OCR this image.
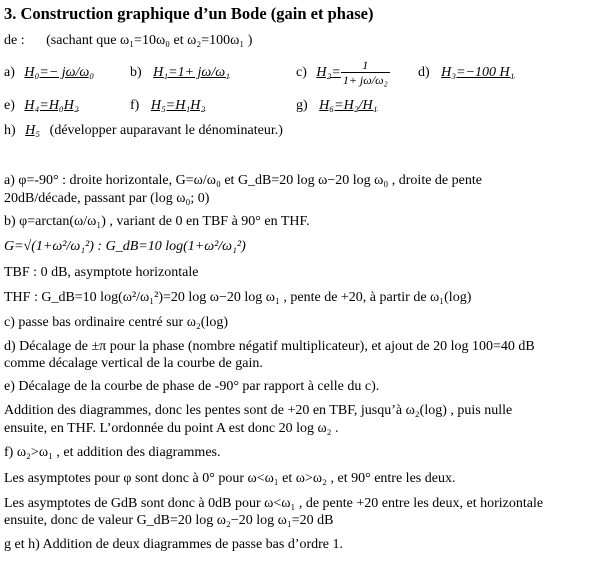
3. Construction graphique d’un Bode (gain et phase)
de : (sachant que ω₁=10ω₀ et ω₂=100ω₁ )
a) H₀=− jω/ω₀	b) H₁=1+ jω/ω₁	c) $H_2= \frac{1}{\text{1+ jω/ω₂}} d$) H₃=−100 H₁
e) H₄=H₀H₂	f) H₅=H₁H₂	g) H₆=H₂/H₁
h) H₅ (développer auparavant le dénominateur.)
a) φ=-90° : droite horizontale, G=ω/ω₀ et G_dB=20 log ω−20 log ω₀ , droite de pente
20dB/décade, passant par (log ω₀; 0)
b) φ=arctan(ω/ω₁) , variant de 0 en TBF à 90° en THF.
G=√(1+ω²/ω₁²) : G_dB=10 log(1+ω²/ω₁²)
TBF : 0 dB, asymptote horizontale
THF : G_dB=10 log(ω²/ω₁²)=20 log ω−20 log ω₁ , pente de +20, à partir de ω₁(log)
c) passe bas ordinaire centré sur ω₂(log)
d) Décalage de ±π pour la phase (nombre négatif multiplicateur), et ajout de 20 log 100=40 dB
comme décalage vertical de la courbe de gain.
e) Décalage de la courbe de phase de -90° par rapport à celle du c).
Addition des diagrammes, donc les pentes sont de +20 en TBF, jusqu’à ω₂(log) , puis nulle
ensuite, en THF. L’ordonnée du point A est donc 20 log ω₂ .
f) ω₂>ω₁ , et addition des diagrammes.
Les asymptotes pour φ sont donc à 0° pour ω<ω₁ et ω>ω₂ , et 90° entre les deux.
Les asymptotes de GdB sont donc à 0dB pour ω<ω₁ , de pente +20 entre les deux, et horizontale
ensuite, donc de valeur G_dB=20 log ω₂−20 log ω₁=20 dB
g et h) Addition de deux diagrammes de passe bas d’ordre 1.
